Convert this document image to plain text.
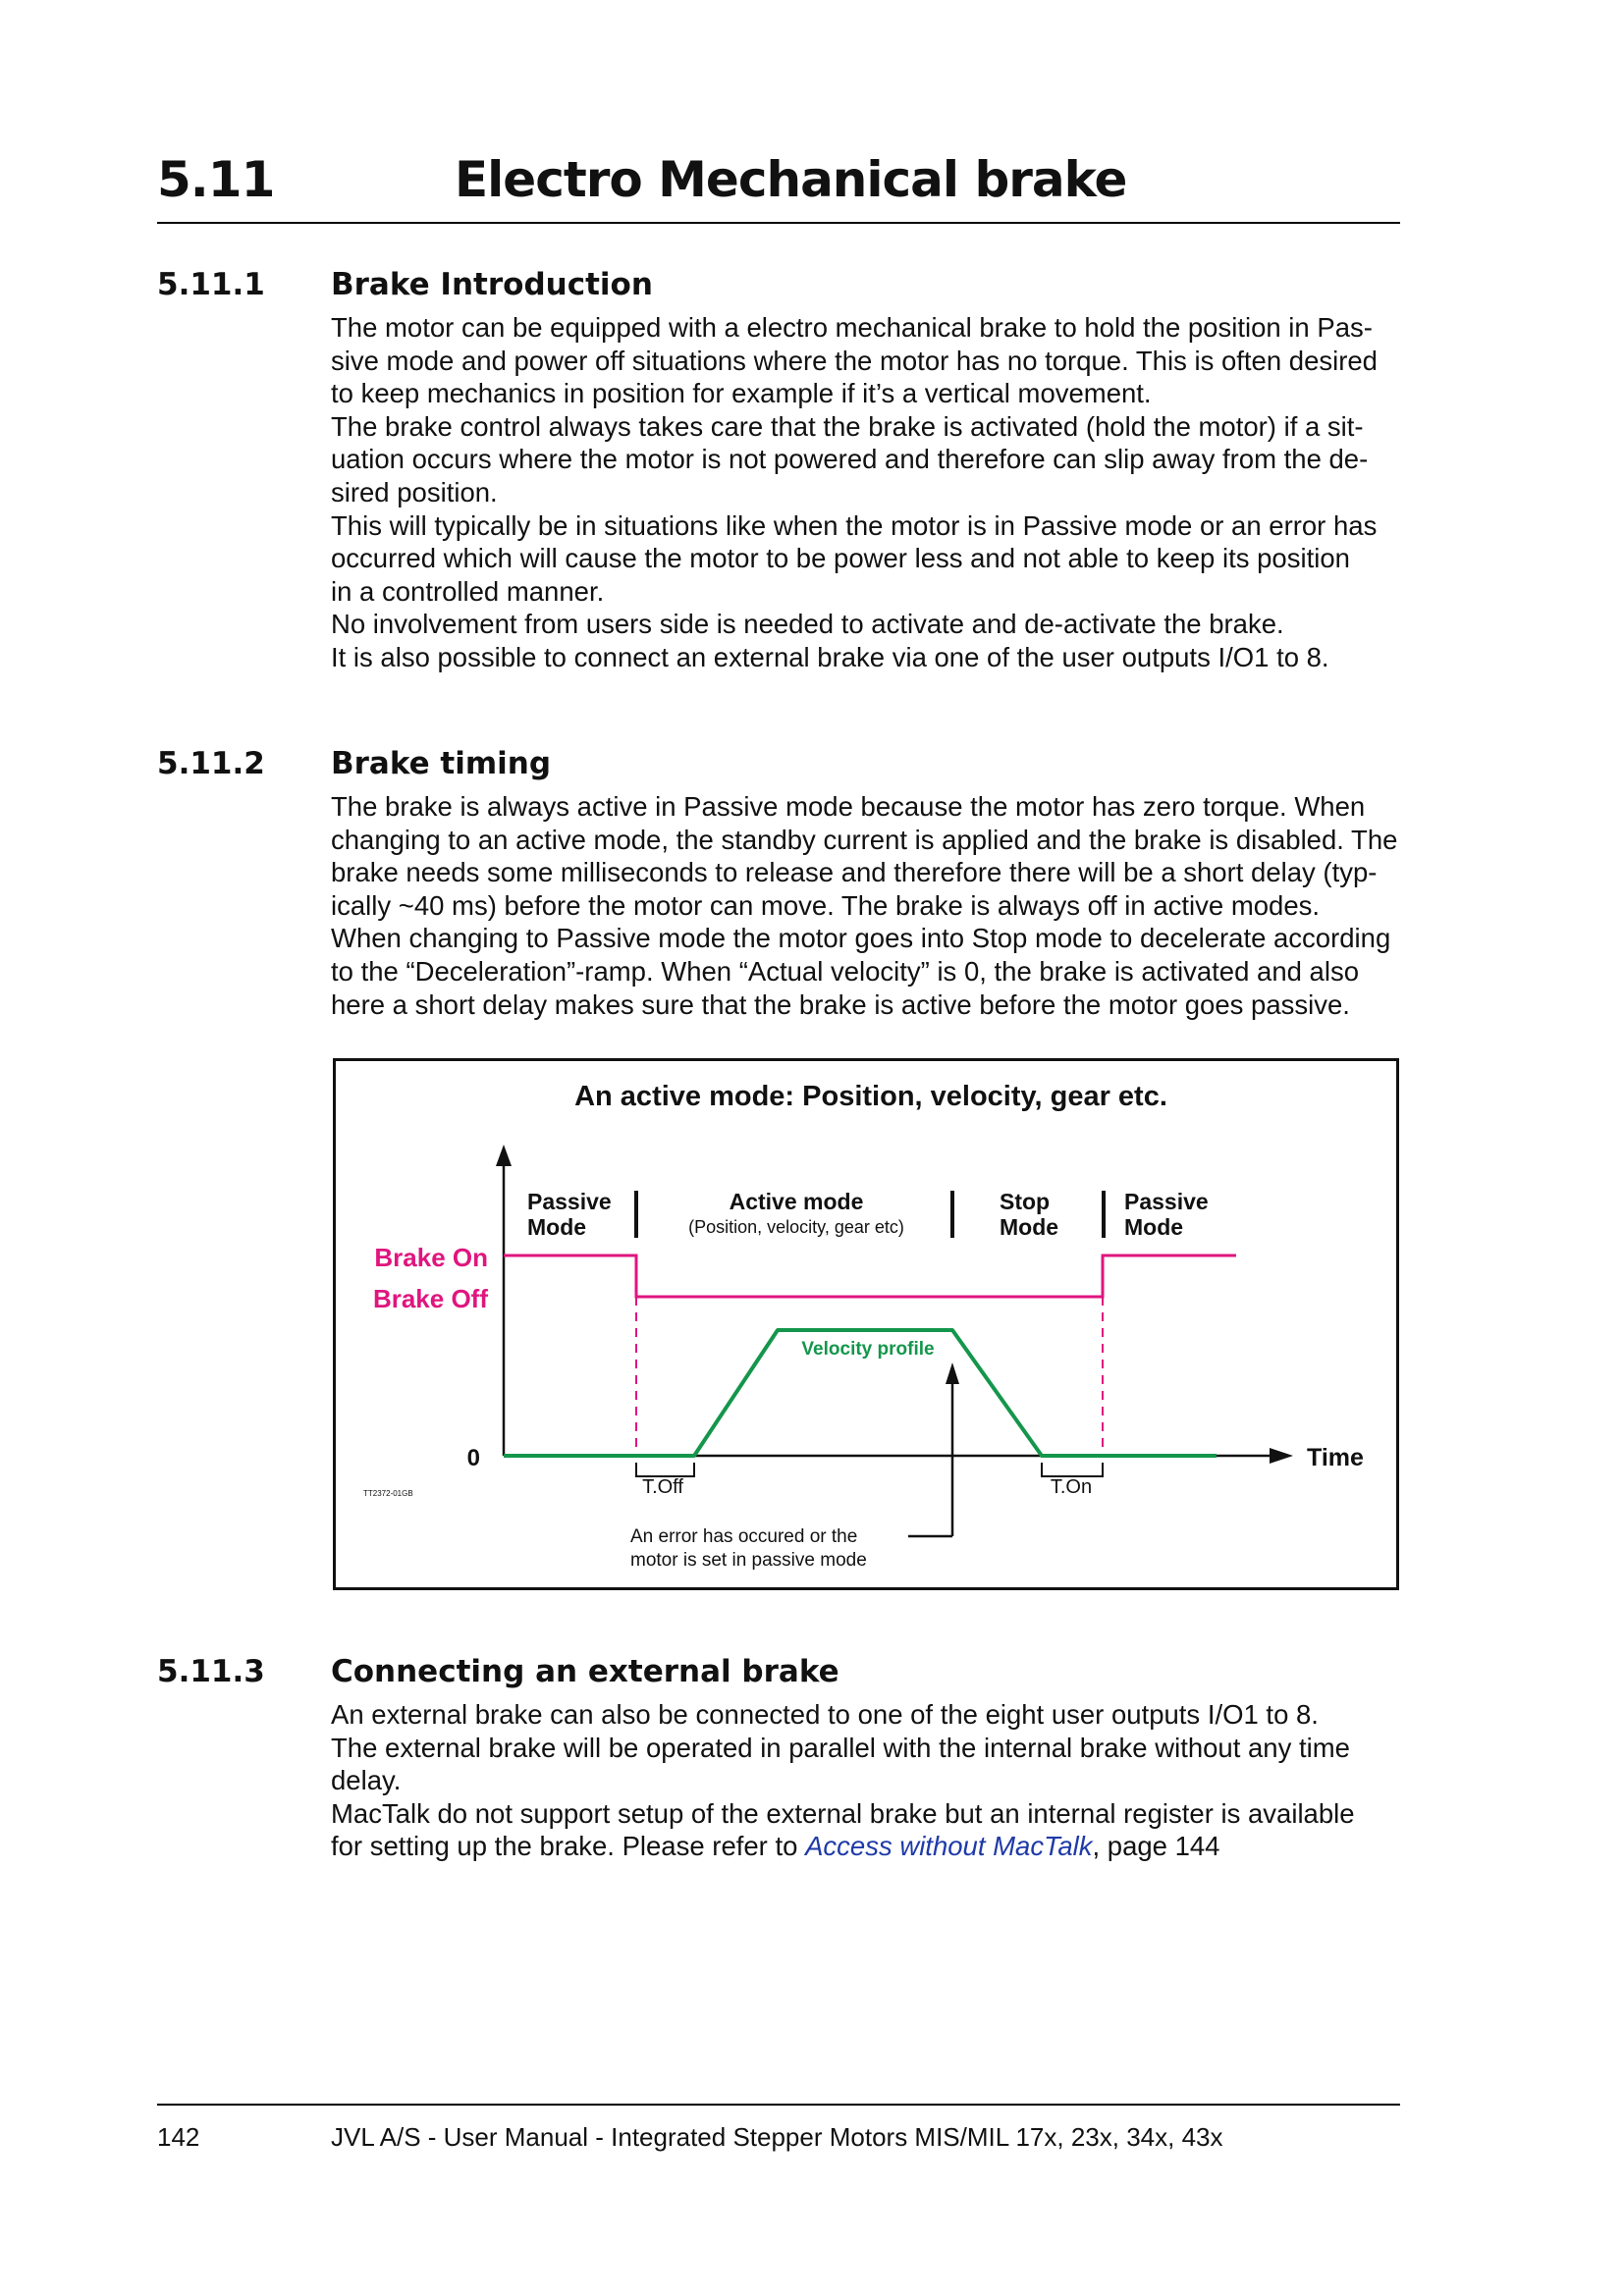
5.11	Electro Mechanical brake
5.11.1 Brake Introduction

The motor can be equipped with a electro mechanical brake to hold the position in Pas-

sive mode and power off situations where the motor has no torque. This is often desired

to keep mechanics in position for example if it’s a vertical movement.

The brake control always takes care that the brake is activated (hold the motor) if a sit-

uation occurs where the motor is not powered and therefore can slip away from the de-

sired position.

This will typically be in situations like when the motor is in Passive mode or an error has

occurred which will cause the motor to be power less and not able to keep its position

in a controlled manner.

No involvement from users side is needed to activate and de-activate the brake.

It is also possible to connect an external brake via one of the user outputs I/O1 to 8.

5.11.2 Brake timing

The brake is always active in Passive mode because the motor has zero torque. When

changing to an active mode, the standby current is applied and the brake is disabled. The

brake needs some milliseconds to release and therefore there will be a short delay (typ-

ically ~40 ms) before the motor can move. The brake is always off in active modes.

When changing to Passive mode the motor goes into Stop mode to decelerate according

to the “Deceleration”-ramp. When “Actual velocity” is 0, the brake is activated and also

here a short delay makes sure that the brake is active before the motor goes passive.

An active mode: Position, velocity, gear etc.
0	Time
Passive
Mode
Active mode
(Position, velocity, gear etc)
Stop
Mode
Passive
Mode
Brake On
Brake Off
Velocity profile
T.Off	T.On
An error has occured or the
motor is set in passive mode
TT2372-01GB
5.11.3 Connecting an external brake

An external brake can also be connected to one of the eight user outputs I/O1 to 8.

The external brake will be operated in parallel with the internal brake without any time

delay.

MacTalk do not support setup of the external brake but an internal register is available

for setting up the brake. Please refer to Access without MacTalk, page 144

142	JVL A/S - User Manual - Integrated Stepper Motors MIS/MIL 17x, 23x, 34x, 43x
